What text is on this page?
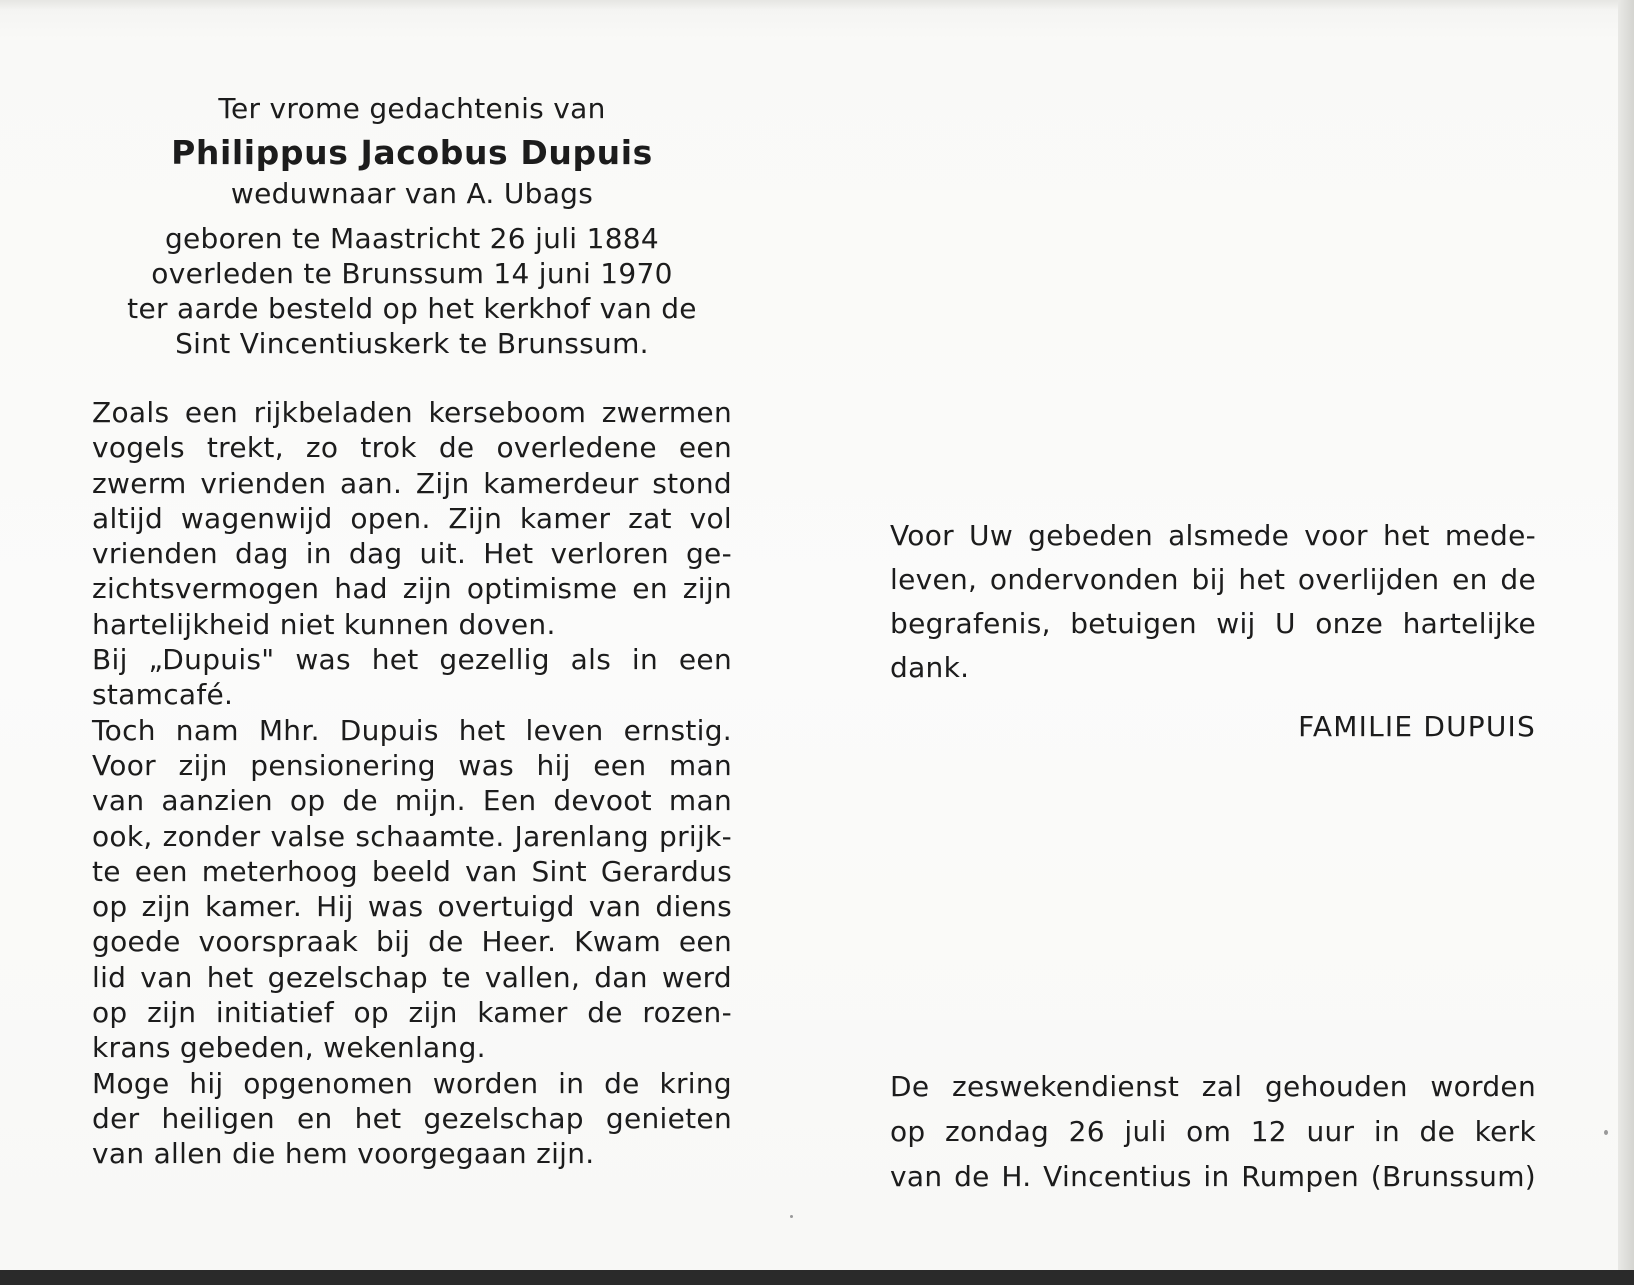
Ter vrome gedachtenis van
Philippus Jacobus Dupuis
weduwnaar van A. Ubags
geboren te Maastricht 26 juli 1884
overleden te Brunssum 14 juni 1970
ter aarde besteld op het kerkhof van de
Sint Vincentiuskerk te Brunssum.
Zoals een rijkbeladen kerseboom zwermen
vogels trekt, zo trok de overledene een
zwerm vrienden aan. Zijn kamerdeur stond
altijd wagenwijd open. Zijn kamer zat vol
vrienden dag in dag uit. Het verloren ge-
zichtsvermogen had zijn optimisme en zijn
hartelijkheid niet kunnen doven.
Bij „Dupuis" was het gezellig als in een
stamcafé.
Toch nam Mhr. Dupuis het leven ernstig.
Voor zijn pensionering was hij een man
van aanzien op de mijn. Een devoot man
ook, zonder valse schaamte. Jarenlang prijk-
te een meterhoog beeld van Sint Gerardus
op zijn kamer. Hij was overtuigd van diens
goede voorspraak bij de Heer. Kwam een
lid van het gezelschap te vallen, dan werd
op zijn initiatief op zijn kamer de rozen-
krans gebeden, wekenlang.
Moge hij opgenomen worden in de kring
der heiligen en het gezelschap genieten
van allen die hem voorgegaan zijn.
Voor Uw gebeden alsmede voor het mede-
leven, ondervonden bij het overlijden en de
begrafenis, betuigen wij U onze hartelijke
dank.
FAMILIE DUPUIS
De zeswekendienst zal gehouden worden
op zondag 26 juli om 12 uur in de kerk
van de H. Vincentius in Rumpen (Brunssum)
